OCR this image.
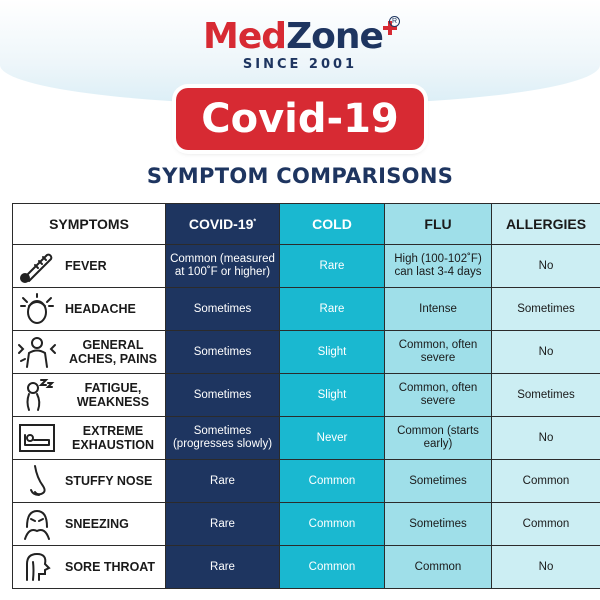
MedZone
SINCE 2001
R
Covid-19
SYMPTOM COMPARISONS
SYMPTOMS	COVID-19*	COLD	FLU	ALLERGIES

FEVER	Common (measured at 100˚F or higher)	Rare	High (100-102˚F) can last 3-4 days	No

HEADACHE	Sometimes	Rare	Intense	Sometimes

GENERAL ACHES, PAINS	Sometimes	Slight	Common, often severe	No

FATIGUE, WEAKNESS	Sometimes	Slight	Common, often severe	Sometimes

EXTREME EXHAUSTION	Sometimes (progresses slowly)	Never	Common (starts early)	No

STUFFY NOSE	Rare	Common	Sometimes	Common

SNEEZING	Rare	Common	Sometimes	Common

SORE THROAT	Rare	Common	Common	No
